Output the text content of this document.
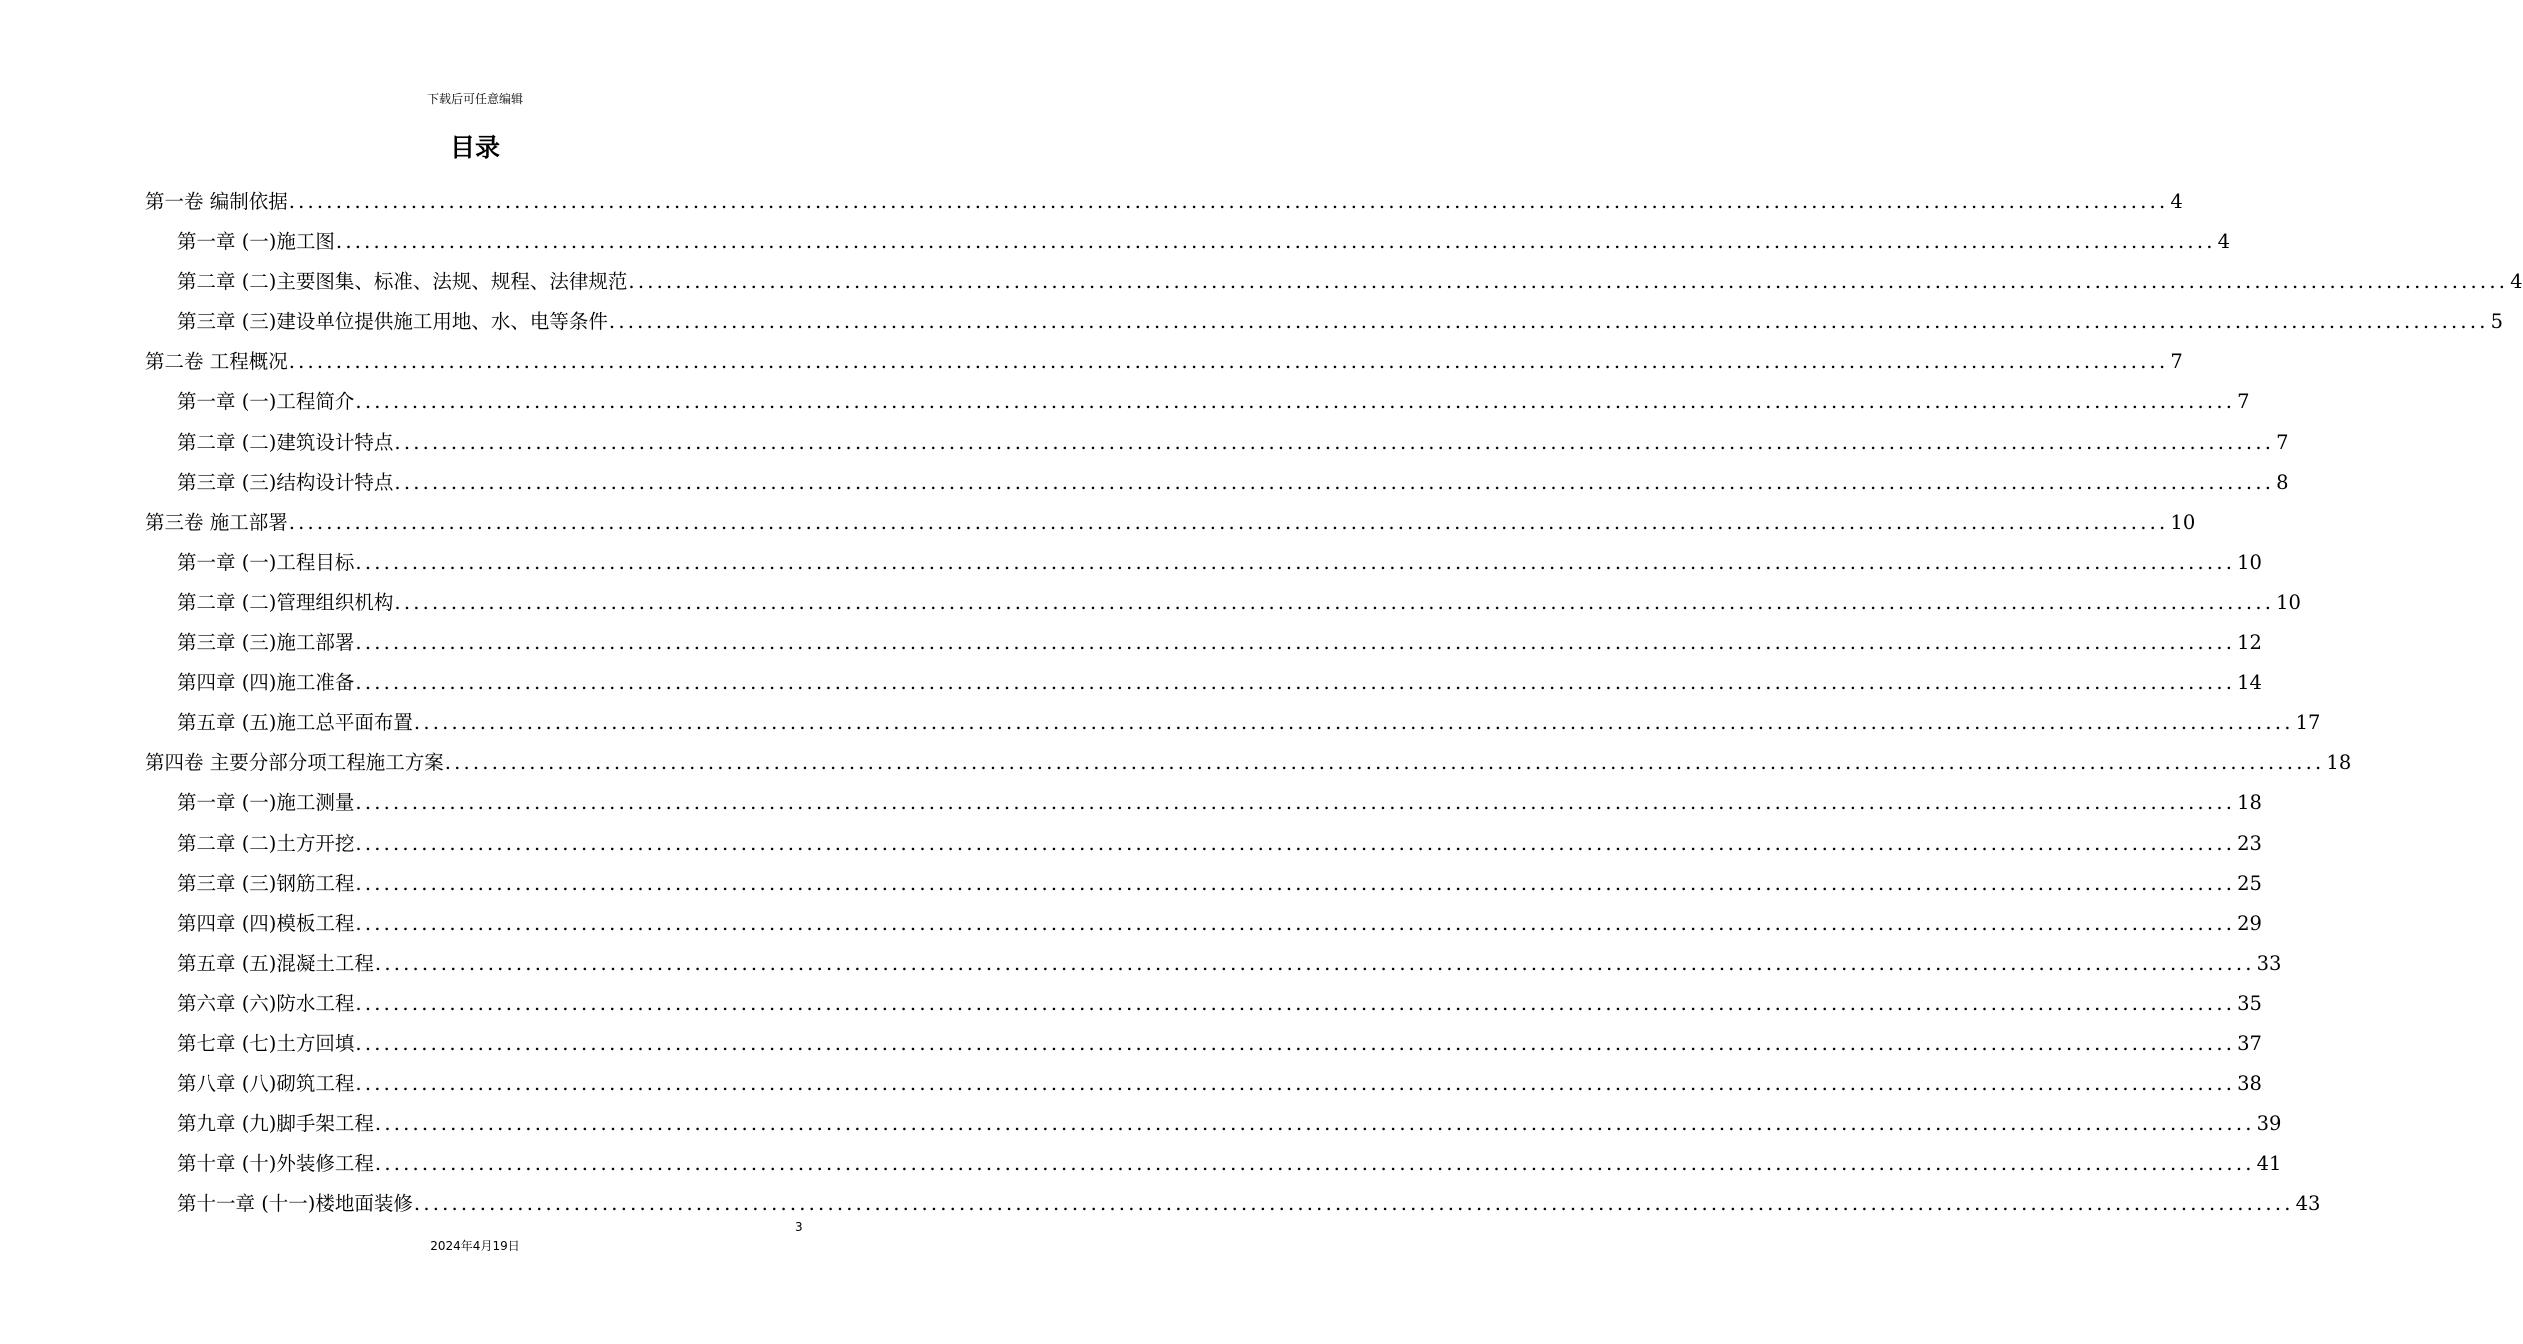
下载后可任意编辑
目录
第一卷 编制依据 ........................................................................................................................................................................................................ 4
第一章 (一)施工图 ........................................................................................................................................................................................................ 4
第二章 (二)主要图集、标准、法规、规程、法律规范 ........................................................................................................................................................................................................ 4
第三章 (三)建设单位提供施工用地、水、电等条件 ........................................................................................................................................................................................................ 5
第二卷 工程概况 ........................................................................................................................................................................................................ 7
第一章 (一)工程简介 ........................................................................................................................................................................................................ 7
第二章 (二)建筑设计特点 ........................................................................................................................................................................................................ 7
第三章 (三)结构设计特点 ........................................................................................................................................................................................................ 8
第三卷 施工部署 ........................................................................................................................................................................................................ 10
第一章 (一)工程目标 ........................................................................................................................................................................................................ 10
第二章 (二)管理组织机构 ........................................................................................................................................................................................................ 10
第三章 (三)施工部署 ........................................................................................................................................................................................................ 12
第四章 (四)施工准备 ........................................................................................................................................................................................................ 14
第五章 (五)施工总平面布置 ........................................................................................................................................................................................................ 17
第四卷 主要分部分项工程施工方案 ........................................................................................................................................................................................................ 18
第一章 (一)施工测量 ........................................................................................................................................................................................................ 18
第二章 (二)土方开挖 ........................................................................................................................................................................................................ 23
第三章 (三)钢筋工程 ........................................................................................................................................................................................................ 25
第四章 (四)模板工程 ........................................................................................................................................................................................................ 29
第五章 (五)混凝土工程 ........................................................................................................................................................................................................ 33
第六章 (六)防水工程 ........................................................................................................................................................................................................ 35
第七章 (七)土方回填 ........................................................................................................................................................................................................ 37
第八章 (八)砌筑工程 ........................................................................................................................................................................................................ 38
第九章 (九)脚手架工程 ........................................................................................................................................................................................................ 39
第十章 (十)外装修工程 ........................................................................................................................................................................................................ 41
第十一章 (十一)楼地面装修 ........................................................................................................................................................................................................ 43
3
2024年4月19日
